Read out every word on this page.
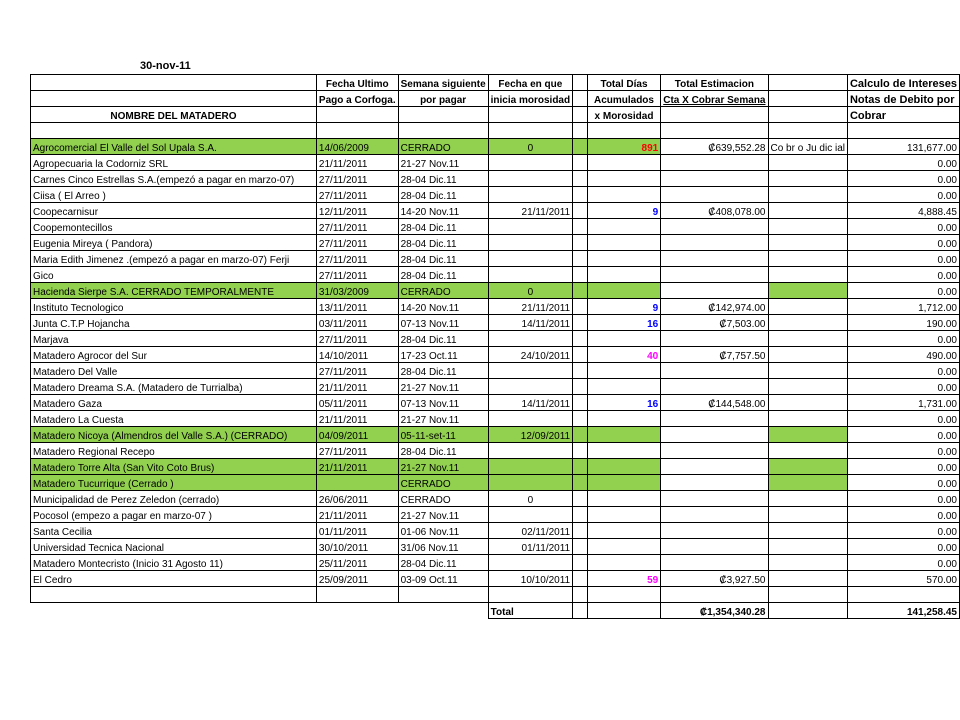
30-nov-11
	Fecha Ultimo	Semana siguiente	Fecha en que		Total Días	Total Estimacion		Calculo de Intereses
	Pago a Corfoga.	por pagar	inicia morosidad		Acumulados	Cta X Cobrar Semana		Notas de Debito por
NOMBRE DEL MATADERO					x Morosidad			Cobrar

Agrocomercial El Valle del Sol Upala S.A.	14/06/2009	CERRADO	0		891	₡639,552.28	Co br o Ju dic ial	131,677.00
Agropecuaria la Codorniz SRL	21/11/2011	21-27 Nov.11						0.00
Carnes Cinco Estrellas S.A.(empezó a pagar en marzo-07)	27/11/2011	28-04 Dic.11						0.00
Ciisa ( El Arreo )	27/11/2011	28-04 Dic.11						0.00
Coopecarnisur	12/11/2011	14-20 Nov.11	21/11/2011		9	₡408,078.00		4,888.45
Coopemontecillos	27/11/2011	28-04 Dic.11						0.00
Eugenia Mireya ( Pandora)	27/11/2011	28-04 Dic.11						0.00
Maria Edith Jimenez .(empezó a pagar en marzo-07) Ferji	27/11/2011	28-04 Dic.11						0.00
Gico	27/11/2011	28-04 Dic.11						0.00
Hacienda Sierpe S.A. CERRADO TEMPORALMENTE	31/03/2009	CERRADO	0					0.00
Instituto Tecnologico	13/11/2011	14-20 Nov.11	21/11/2011		9	₡142,974.00		1,712.00
Junta C.T.P Hojancha	03/11/2011	07-13 Nov.11	14/11/2011		16	₡7,503.00		190.00
Marjava	27/11/2011	28-04 Dic.11						0.00
Matadero Agrocor del Sur	14/10/2011	17-23 Oct.11	24/10/2011		40	₡7,757.50		490.00
Matadero Del Valle	27/11/2011	28-04 Dic.11						0.00
Matadero Dreama S.A. (Matadero de Turrialba)	21/11/2011	21-27 Nov.11						0.00
Matadero Gaza	05/11/2011	07-13 Nov.11	14/11/2011		16	₡144,548.00		1,731.00
Matadero La Cuesta	21/11/2011	21-27 Nov.11						0.00
Matadero Nicoya (Almendros del Valle S.A.) (CERRADO)	04/09/2011	05-11-set-11	12/09/2011					0.00
Matadero Regional Recepo	27/11/2011	28-04 Dic.11						0.00
Matadero Torre Alta (San Vito Coto Brus)	21/11/2011	21-27 Nov.11						0.00
Matadero Tucurrique (Cerrado )		CERRADO						0.00
Municipalidad de Perez Zeledon (cerrado)	26/06/2011	CERRADO	0					0.00
Pocosol (empezo a pagar en marzo-07 )	21/11/2011	21-27 Nov.11						0.00
Santa Cecilia	01/11/2011	01-06 Nov.11	02/11/2011					0.00
Universidad Tecnica Nacional	30/10/2011	31/06 Nov.11	01/11/2011					0.00
Matadero Montecristo (Inicio 31 Agosto 11)	25/11/2011	28-04 Dic.11						0.00
El Cedro	25/09/2011	03-09 Oct.11	10/10/2011		59	₡3,927.50		570.00

			Total			₡1,354,340.28		141,258.45
